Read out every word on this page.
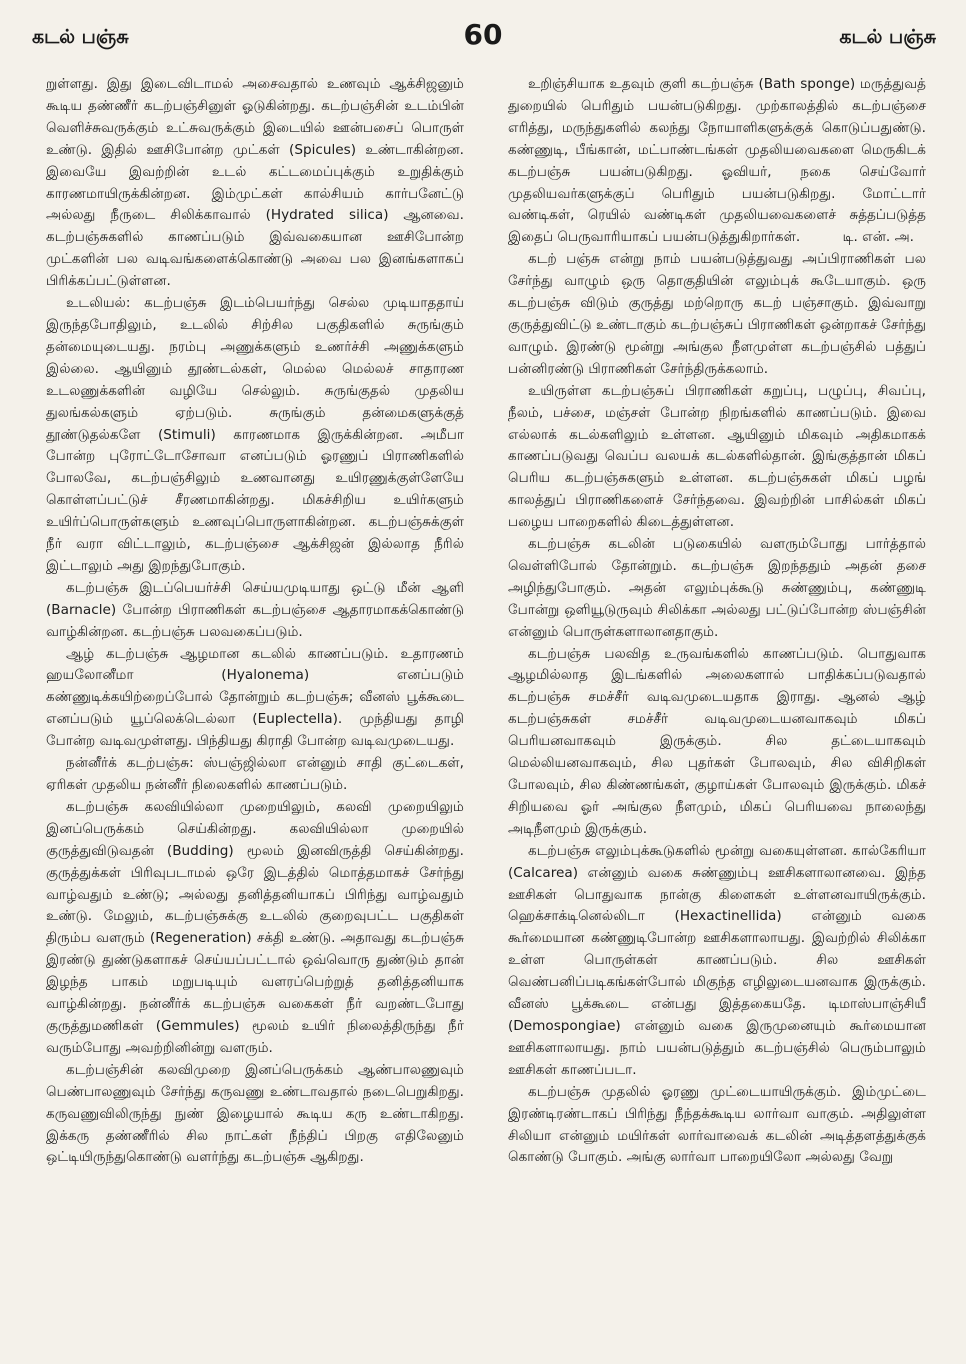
கடல் பஞ்சு	60	கடல் பஞ்சு

றுள்ளது. இது இடைவிடாமல் அசைவதால் உணவும் ஆக்சிஜனும் கூடிய தண்ணீர் கடற்பஞ்சினுள் ஓடுகின்றது. கடற்பஞ்சின் உடம்பின் வெளிச்சுவருக்கும் உட்சுவருக்கும் இடையில் ஊன்பசைப் பொருள் உண்டு. இதில் ஊசிபோன்ற முட்கள் (Spicules) உண்டாகின்றன. இவையே இவற்றின் உடல் கட்டமைப்புக்கும் உறுதிக்கும் காரணமாயிருக்கின்றன. இம்முட்கள் கால்சியம் கார்பனேட்டு அல்லது நீருடை சிலிக்காவால் (Hydrated silica) ஆனவை. கடற்பஞ்சுகளில் காணப்படும் இவ்வகையான ஊசிபோன்ற முட்களின் பல வடிவங்களைக்கொண்டு அவை பல இனங்களாகப் பிரிக்கப்பட்டுள்ளன.

உடலியல்: கடற்பஞ்சு இடம்பெயர்ந்து செல்ல முடியாததாய் இருந்தபோதிலும், உடலில் சிற்சில பகுதிகளில் சுருங்கும் தன்மையுடையது. நரம்பு அணுக்களும் உணர்ச்சி அணுக்களும் இல்லை. ஆயினும் தூண்டல்கள், மெல்ல மெல்லச் சாதாரண உடலணுக்களின் வழியே செல்லும். சுருங்குதல் முதலிய துலங்கல்களும் ஏற்படும். சுருங்கும் தன்மைகளுக்குத் தூண்டுதல்களே (Stimuli) காரணமாக இருக்கின்றன. அமீபா போன்ற புரோட்டோசோவா எனப்படும் ஓரணுப் பிராணிகளில் போலவே, கடற்பஞ்சிலும் உணவானது உயிரணுக்குள்ளேயே கொள்ளப்பட்டுச் சீரணமாகின்றது. மிகச்சிறிய உயிர்களும் உயிர்ப்பொருள்களும் உணவுப்பொருளாகின்றன. கடற்பஞ்சுக்குள் நீர் வரா விட்டாலும், கடற்பஞ்சை ஆக்சிஜன் இல்லாத நீரில் இட்டாலும் அது இறந்துபோகும்.

கடற்பஞ்சு இடப்பெயர்ச்சி செய்யமுடியாது ஒட்டு மீன் ஆளி (Barnacle) போன்ற பிராணிகள் கடற்பஞ்சை ஆதாரமாகக்கொண்டு வாழ்கின்றன. கடற்பஞ்சு பலவகைப்படும்.

ஆழ் கடற்பஞ்சு ஆழமான கடலில் காணப்படும். உதாரணம் ஹயலோனீமா (Hyalonema) எனப்படும் கண்ணுடிக்கயிற்றைப்போல் தோன்றும் கடற்பஞ்சு; வீனஸ் பூக்கூடை எனப்படும் யூப்லெக்டெல்லா (Euplectella). முந்தியது தாழி போன்ற வடிவமுள்ளது. பிந்தியது கிராதி போன்ற வடிவமுடையது.

நன்னீர்க் கடற்பஞ்சு: ஸ்பஞ்ஜில்லா என்னும் சாதி குட்டைகள், ஏரிகள் முதலிய நன்னீர் நிலைகளில் காணப்படும்.

கடற்பஞ்சு கலவியில்லா முறையிலும், கலவி முறையிலும் இனப்பெருக்கம் செய்கின்றது. கலவியில்லா முறையில் குருத்துவிடுவதன் (Budding) மூலம் இனவிருத்தி செய்கின்றது. குருத்துக்கள் பிரிவுபடாமல் ஒரே இடத்தில் மொத்தமாகச் சேர்ந்து வாழ்வதும் உண்டு; அல்லது தனித்தனியாகப் பிரிந்து வாழ்வதும் உண்டு. மேலும், கடற்பஞ்சுக்கு உடலில் குறைவுபட்ட பகுதிகள் திரும்ப வளரும் (Regeneration) சக்தி உண்டு. அதாவது கடற்பஞ்சு இரண்டு துண்டுகளாகச் செய்யப்பட்டால் ஒவ்வொரு துண்டும் தான் இழந்த பாகம் மறுபடியும் வளரப்பெற்றுத் தனித்தனியாக வாழ்கின்றது. நன்னீர்க் கடற்பஞ்சு வகைகள் நீர் வறண்டபோது குருத்துமணிகள் (Gemmules) மூலம் உயிர் நிலைத்திருந்து நீர் வரும்போது அவற்றினின்று வளரும்.

கடற்பஞ்சின் கலவிமுறை இனப்பெருக்கம் ஆண்பாலணுவும் பெண்பாலணுவும் சேர்ந்து கருவணு உண்டாவதால் நடைபெறுகிறது. கருவணுவிலிருந்து நுண் இழையால் கூடிய கரு உண்டாகிறது. இக்கரு தண்ணீரில் சில நாட்கள் நீந்திப் பிறகு எதிலேனும் ஒட்டியிருந்துகொண்டு வளர்ந்து கடற்பஞ்சு ஆகிறது.

உறிஞ்சியாக உதவும் குளி கடற்பஞ்சு (Bath sponge) மருத்துவத் துறையில் பெரிதும் பயன்படுகிறது. முற்காலத்தில் கடற்பஞ்சை எரித்து, மருந்துகளில் கலந்து நோயாளிகளுக்குக் கொடுப்பதுண்டு. கண்ணுடி, பீங்கான், மட்பாண்டங்கள் முதலியவைகளை மெருகிடக் கடற்பஞ்சு பயன்படுகிறது. ஓவியர், நகை செய்வோர் முதலியவர்களுக்குப் பெரிதும் பயன்படுகிறது. மோட்டார் வண்டிகள், ரெயில் வண்டிகள் முதலியவைகளைச் சுத்தப்படுத்த இதைப் பெருவாரியாகப் பயன்படுத்துகிறார்கள்.	டி. என். அ.

கடற் பஞ்சு என்று நாம் பயன்படுத்துவது அப்பிராணிகள் பல சேர்ந்து வாழும் ஒரு தொகுதியின் எலும்புக் கூடேயாகும். ஒரு கடற்பஞ்சு விடும் குருத்து மற்றொரு கடற் பஞ்சாகும். இவ்வாறு குருத்துவிட்டு உண்டாகும் கடற்பஞ்சுப் பிராணிகள் ஒன்றாகச் சேர்ந்து வாழும். இரண்டு மூன்று அங்குல நீளமுள்ள கடற்பஞ்சில் பத்துப் பன்னிரண்டு பிராணிகள் சேர்ந்திருக்கலாம்.

உயிருள்ள கடற்பஞ்சுப் பிராணிகள் கறுப்பு, பழுப்பு, சிவப்பு, நீலம், பச்சை, மஞ்சள் போன்ற நிறங்களில் காணப்படும். இவை எல்லாக் கடல்களிலும் உள்ளன. ஆயினும் மிகவும் அதிகமாகக் காணப்படுவது வெப்ப வலயக் கடல்களில்தான். இங்குத்தான் மிகப் பெரிய கடற்பஞ்சுகளும் உள்ளன. கடற்பஞ்சுகள் மிகப் பழங் காலத்துப் பிராணிகளைச் சேர்ந்தவை. இவற்றின் பாசில்கள் மிகப் பழைய பாறைகளில் கிடைத்துள்ளன.

கடற்பஞ்சு கடலின் படுகையில் வளரும்போது பார்த்தால் வெள்ளிபோல் தோன்றும். கடற்பஞ்சு இறந்ததும் அதன் தசை அழிந்துபோகும். அதன் எலும்புக்கூடு சுண்ணும்பு, கண்ணுடி போன்று ஒளியூடுருவும் சிலிக்கா அல்லது பட்டுப்போன்ற ஸ்பஞ்சின் என்னும் பொருள்களாலானதாகும்.

கடற்பஞ்சு பலவித உருவங்களில் காணப்படும். பொதுவாக ஆழமில்லாத இடங்களில் அலைகளால் பாதிக்கப்படுவதால் கடற்பஞ்சு சமச்சீர் வடிவமுடையதாக இராது. ஆனல் ஆழ் கடற்பஞ்சுகள் சமச்சீர் வடிவமுடையனவாகவும் மிகப் பெரியனவாகவும் இருக்கும். சில தட்டையாகவும் மெல்லியனவாகவும், சில புதர்கள் போலவும், சில விசிறிகள் போலவும், சில கிண்ணங்கள், குழாய்கள் போலவும் இருக்கும். மிகச் சிறியவை ஓர் அங்குல நீளமும், மிகப் பெரியவை நாலைந்து அடிநீளமும் இருக்கும்.

கடற்பஞ்சு எலும்புக்கூடுகளில் மூன்று வகையுள்ளன. கால்கேரியா (Calcarea) என்னும் வகை சுண்ணும்பு ஊசிகளாலானவை. இந்த ஊசிகள் பொதுவாக நான்கு கிளைகள் உள்ளனவாயிருக்கும். ஹெக்சாக்டினெல்லிடா (Hexactinellida) என்னும் வகை கூர்மையான கண்ணுடிபோன்ற ஊசிகளாலாயது. இவற்றில் சிலிக்கா உள்ள பொருள்கள் காணப்படும். சில ஊசிகள் வெண்பனிப்படிகங்கள்போல் மிகுந்த எழிலுடையனவாக இருக்கும். வீனஸ் பூக்கூடை என்பது இத்தகையதே. டிமாஸ்பாஞ்சியீ (Demospongiae) என்னும் வகை இருமுனையும் கூர்மையான ஊசிகளாலாயது. நாம் பயன்படுத்தும் கடற்பஞ்சில் பெரும்பாலும் ஊசிகள் காணப்படா.

கடற்பஞ்சு முதலில் ஓரணு முட்டையாயிருக்கும். இம்முட்டை இரண்டிரண்டாகப் பிரிந்து நீந்தக்கூடிய லார்வா வாகும். அதிலுள்ள சிலியா என்னும் மயிர்கள் லார்வாவைக் கடலின் அடித்தளத்துக்குக் கொண்டு போகும். அங்கு லார்வா பாறையிலோ அல்லது வேறு
